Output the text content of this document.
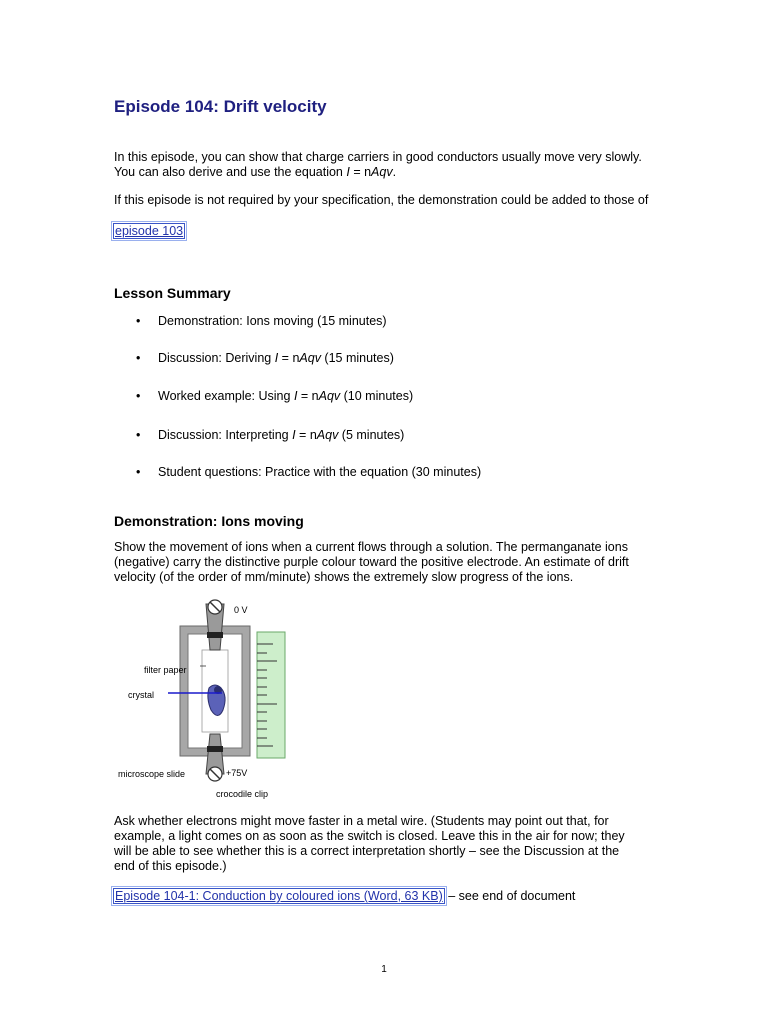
Episode 104: Drift velocity
In this episode, you can show that charge carriers in good conductors usually move very slowly.
You can also derive and use the equation I = nAqv.
If this episode is not required by your specification, the demonstration could be added to those of
episode 103
Lesson Summary
•	Demonstration: Ions moving (15 minutes)
•	Discussion: Deriving I = nAqv (15 minutes)
•	Worked example: Using I = nAqv (10 minutes)
•	Discussion: Interpreting I = nAqv (5 minutes)
•	Student questions: Practice with the equation (30 minutes)
Demonstration: Ions moving
Show the movement of ions when a current flows through a solution. The permanganate ions (negative) carry the distinctive purple colour toward the positive electrode. An estimate of drift velocity (of the order of mm/minute) shows the extremely slow progress of the ions.
0 V
filter paper
crystal
microscope slide	+75V
crocodile clip
Ask whether electrons might move faster in a metal wire. (Students may point out that, for example, a light comes on as soon as the switch is closed. Leave this in the air for now; they will be able to see whether this is a correct interpretation shortly – see the Discussion at the end of this episode.)
Episode 104-1: Conduction by coloured ions (Word, 63 KB) – see end of document
1
